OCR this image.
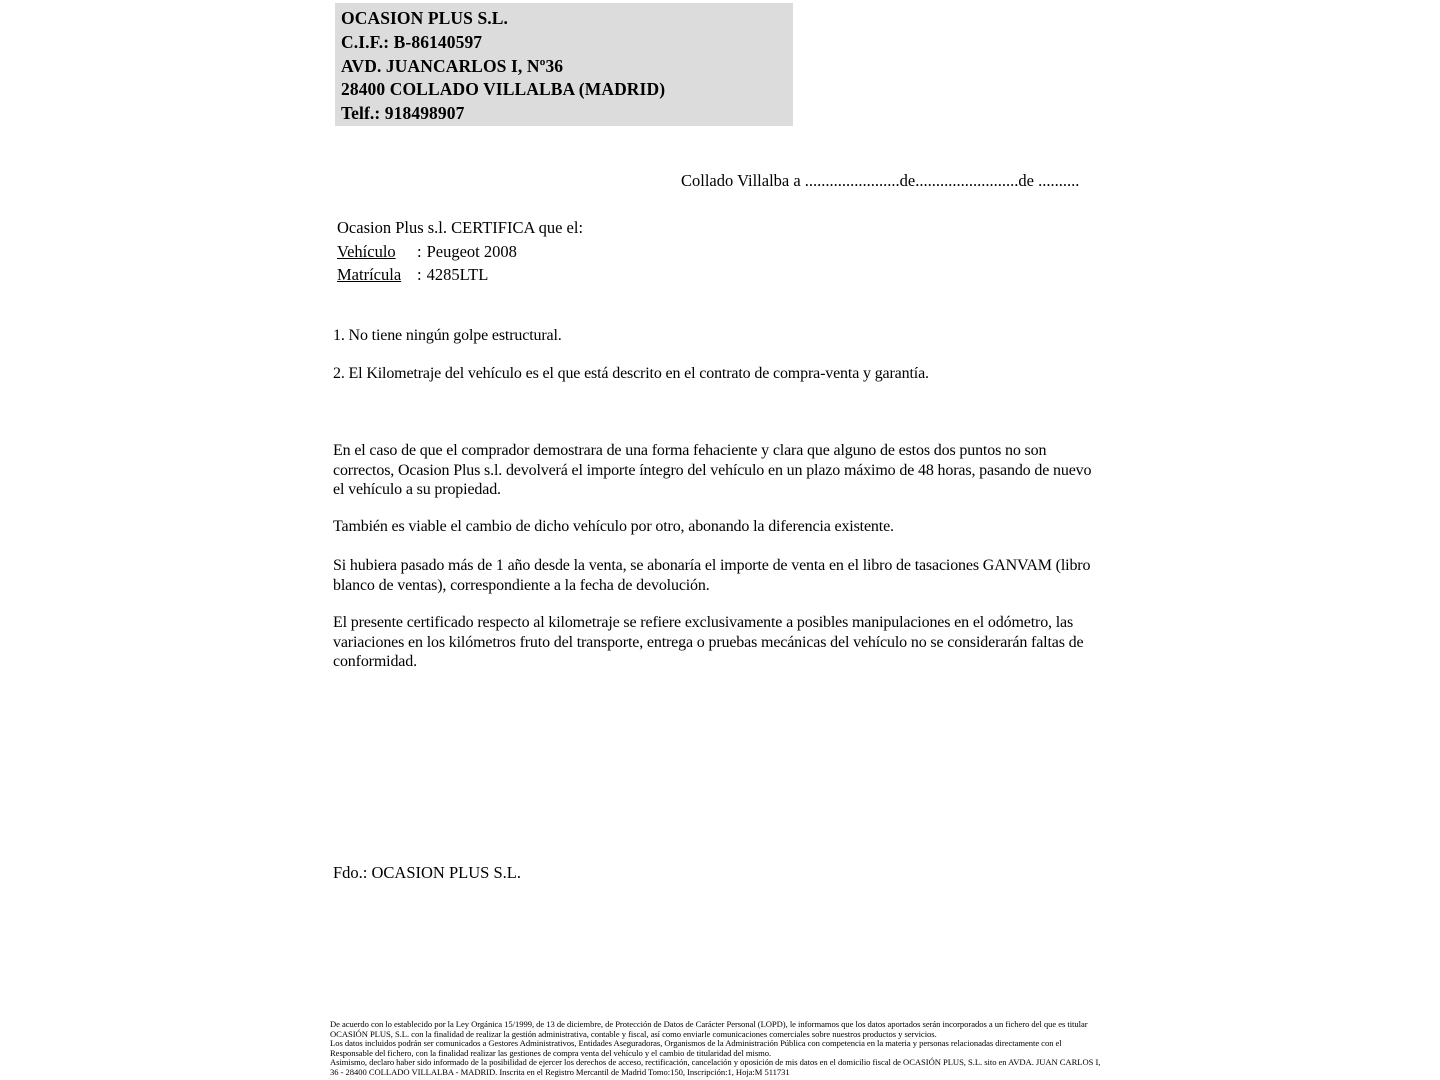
OCASION PLUS S.L.
C.I.F.: B-86140597
AVD. JUANCARLOS I, Nº36
28400 COLLADO VILLALBA (MADRID)
Telf.: 918498907
Collado Villalba a .......................de.........................de ..........
Ocasion Plus s.l. CERTIFICA que el:
Vehículo : Peugeot 2008
Matrícula : 4285LTL
1. No tiene ningún golpe estructural.
2. El Kilometraje del vehículo es el que está descrito en el contrato de compra-venta y garantía.
En el caso de que el comprador demostrara de una forma fehaciente y clara que alguno de estos dos puntos no son correctos, Ocasion Plus s.l. devolverá el importe íntegro del vehículo en un plazo máximo de 48 horas, pasando de nuevo el vehículo a su propiedad.
También es viable el cambio de dicho vehículo por otro, abonando la diferencia existente.
Si hubiera pasado más de 1 año desde la venta, se abonaría el importe de venta en el libro de tasaciones GANVAM (libro blanco de ventas), correspondiente a la fecha de devolución.
El presente certificado respecto al kilometraje se refiere exclusivamente a posibles manipulaciones en el odómetro, las variaciones en los kilómetros fruto del transporte, entrega o pruebas mecánicas del vehículo no se considerarán faltas de conformidad.
Fdo.: OCASION PLUS S.L.

De acuerdo con lo establecido por la Ley Orgánica 15/1999, de 13 de diciembre, de Protección de Datos de Carácter Personal (LOPD), le informamos que los datos aportados serán incorporados a un fichero del que es titular OCASIÓN PLUS, S.L. con la finalidad de realizar la gestión administrativa, contable y fiscal, así como enviarle comunicaciones comerciales sobre nuestros productos y servicios.

Los datos incluidos podrán ser comunicados a Gestores Administrativos, Entidades Aseguradoras, Organismos de la Administración Pública con competencia en la materia y personas relacionadas directamente con el Responsable del fichero, con la finalidad realizar las gestiones de compra venta del vehículo y el cambio de titularidad del mismo.

Asimismo, declaro haber sido informado de la posibilidad de ejercer los derechos de acceso, rectificación, cancelación y oposición de mis datos en el domicilio fiscal de OCASIÓN PLUS, S.L. sito en AVDA. JUAN CARLOS I, 36 - 28400 COLLADO VILLALBA - MADRID. Inscrita en el Registro Mercantil de Madrid Tomo:150, Inscripción:1, Hoja:M 511731
